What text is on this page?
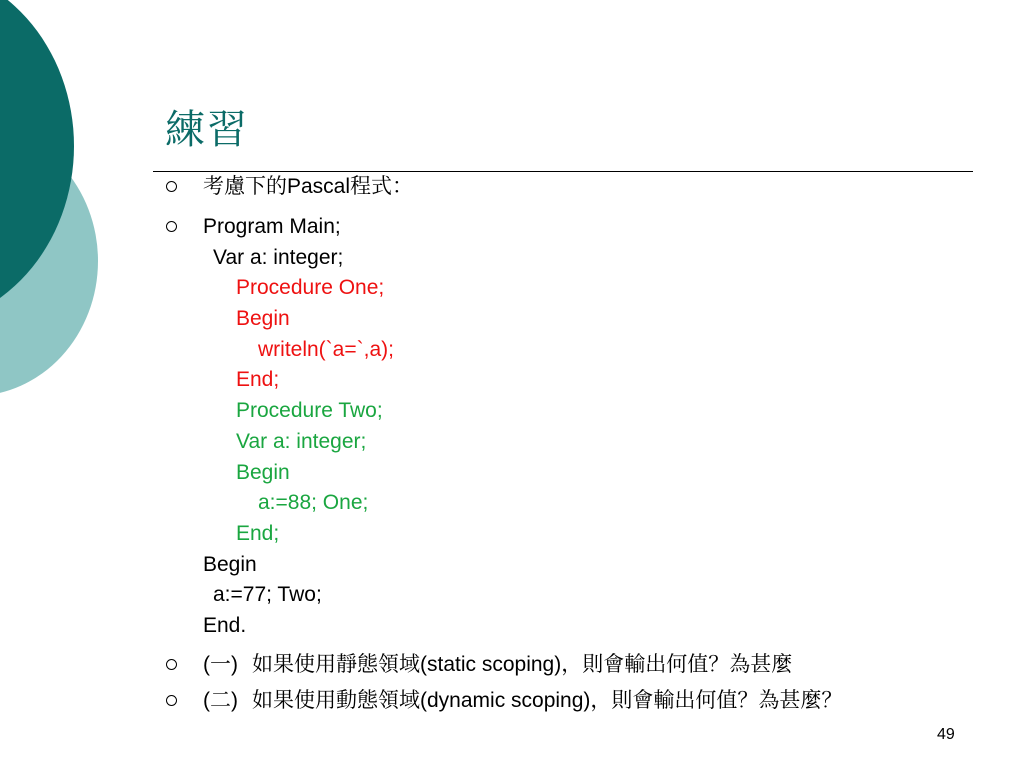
練習
考慮下的Pascal程式：
Program Main;
Var a: integer;
Procedure One;
Begin
writeln(`a=`,a);
End;
Procedure Two;
Var a: integer;
Begin
a:=88; One;
End;
Begin
a:=77; Two;
End.
(一) 如果使用靜態領域(static scoping)，則會輸出何值？為甚麼
(二) 如果使用動態領域(dynamic scoping)，則會輸出何值？為甚麼？
49
